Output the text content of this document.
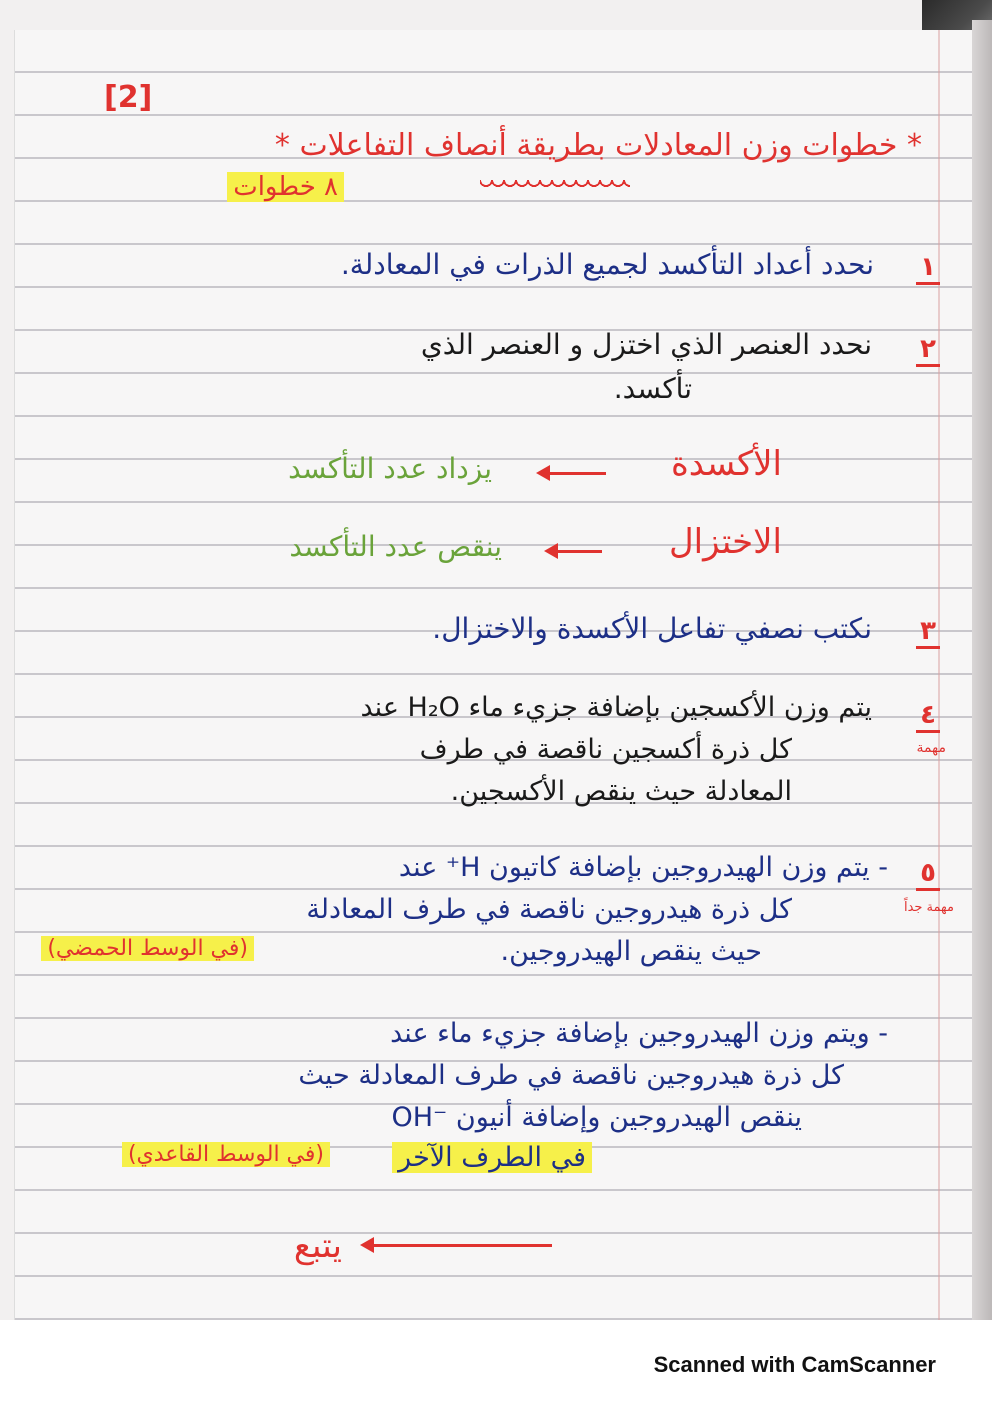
[2]
* خطوات وزن المعادلات بطريقة أنصاف التفاعلات *
٨ خطوات
١
نحدد أعداد التأكسد لجميع الذرات في المعادلة.
٢
نحدد العنصر الذي اختزل و العنصر الذي
تأكسد.
الأكسدة
يزداد عدد التأكسد
الاختزال
ينقص عدد التأكسد
٣
نكتب نصفي تفاعل الأكسدة والاختزال.
٤
مهمة
يتم وزن الأكسجين بإضافة جزيء ماء H₂O عند
كل ذرة أكسجين ناقصة في طرف
المعادلة حيث ينقص الأكسجين.
٥
مهمة جداً
- يتم وزن الهيدروجين بإضافة كاتيون H⁺ عند
كل ذرة هيدروجين ناقصة في طرف المعادلة
حيث ينقص الهيدروجين.
(في الوسط الحمضي)
- ويتم وزن الهيدروجين بإضافة جزيء ماء عند
كل ذرة هيدروجين ناقصة في طرف المعادلة حيث
ينقص الهيدروجين وإضافة أنيون ⁻OH
في الطرف الآخر
(في الوسط القاعدي)
يتبع
Scanned with CamScanner
